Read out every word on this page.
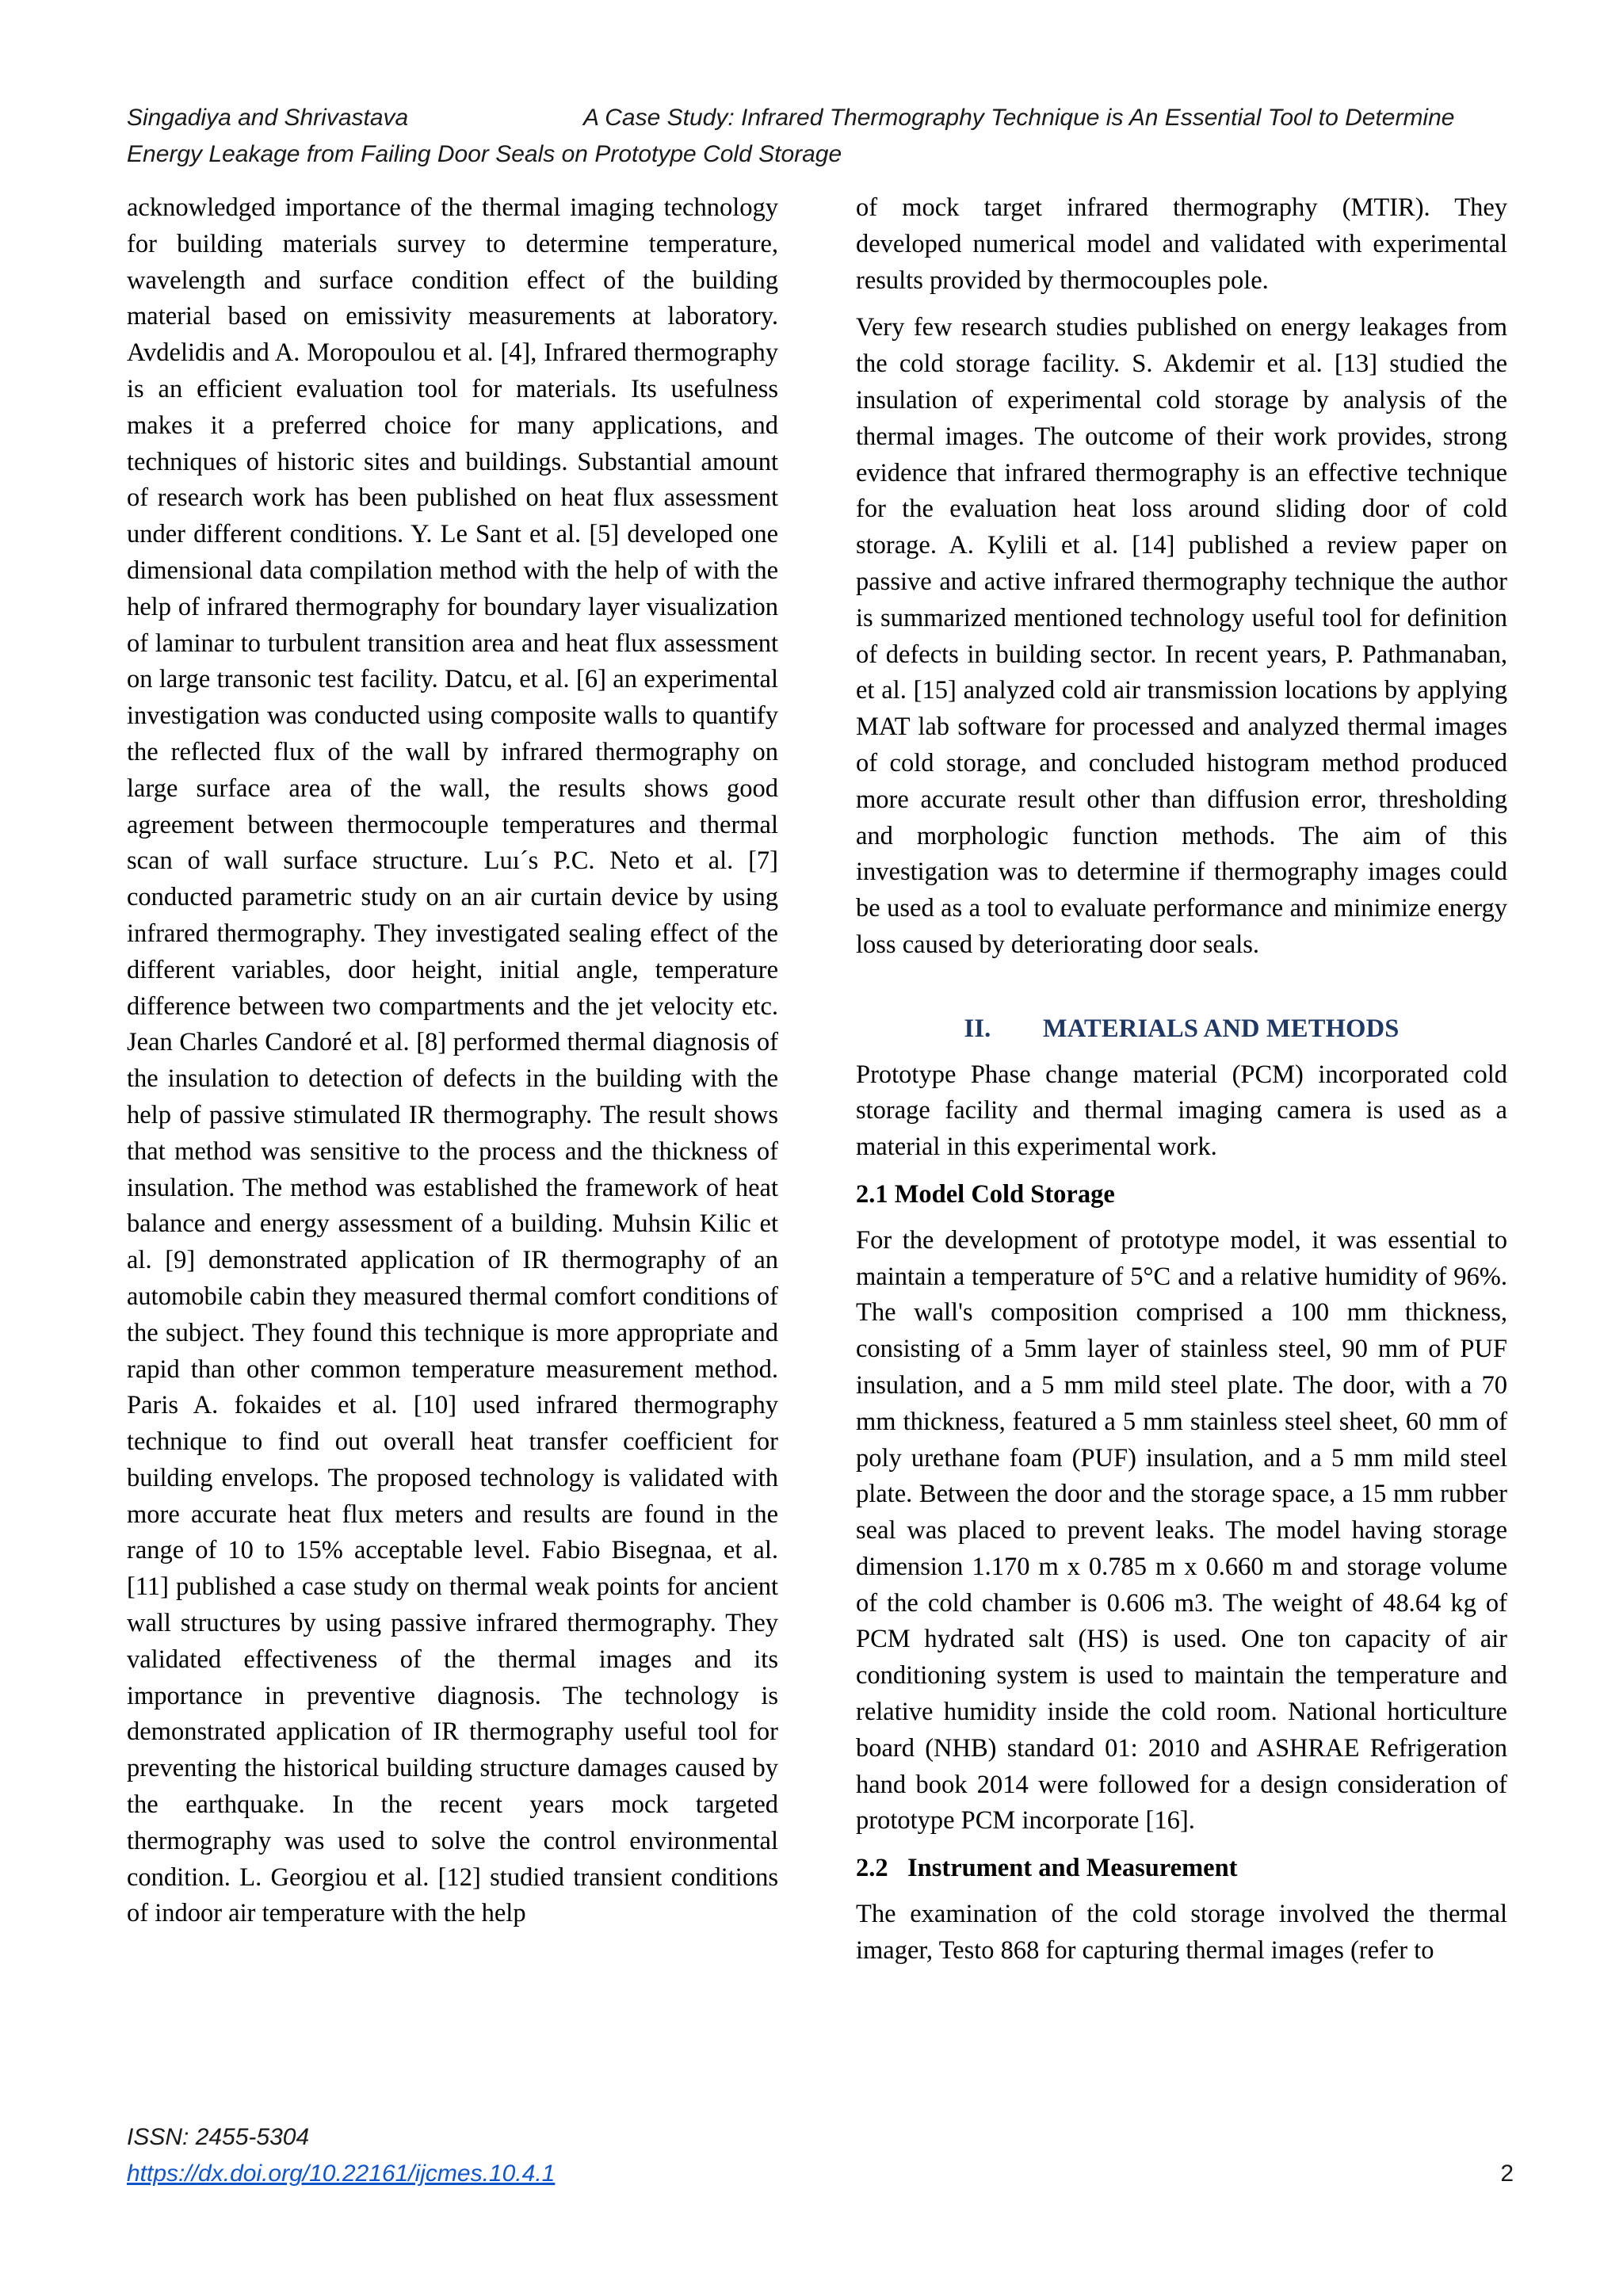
Singadiya and Shrivastava	A Case Study: Infrared Thermography Technique is An Essential Tool to Determine
Energy Leakage from Failing Door Seals on Prototype Cold Storage

acknowledged importance of the thermal imaging technology for building materials survey to determine temperature, wavelength and surface condition effect of the building material based on emissivity measurements at laboratory. Avdelidis and A. Moropoulou et al. [4], Infrared thermography is an efficient evaluation tool for materials. Its usefulness makes it a preferred choice for many applications, and techniques of historic sites and buildings. Substantial amount of research work has been published on heat flux assessment under different conditions. Y. Le Sant et al. [5] developed one dimensional data compilation method with the help of with the help of infrared thermography for boundary layer visualization of laminar to turbulent transition area and heat flux assessment on large transonic test facility. Datcu, et al. [6] an experimental investigation was conducted using composite walls to quantify the reflected flux of the wall by infrared thermography on large surface area of the wall, the results shows good agreement between thermocouple temperatures and thermal scan of wall surface structure. Luı´s P.C. Neto et al. [7] conducted parametric study on an air curtain device by using infrared thermography. They investigated sealing effect of the different variables, door height, initial angle, temperature difference between two compartments and the jet velocity etc. Jean Charles Candoré et al. [8] performed thermal diagnosis of the insulation to detection of defects in the building with the help of passive stimulated IR thermography. The result shows that method was sensitive to the process and the thickness of insulation. The method was established the framework of heat balance and energy assessment of a building. Muhsin Kilic et al. [9] demonstrated application of IR thermography of an automobile cabin they measured thermal comfort conditions of the subject. They found this technique is more appropriate and rapid than other common temperature measurement method. Paris A. fokaides et al. [10] used infrared thermography technique to find out overall heat transfer coefficient for building envelops. The proposed technology is validated with more accurate heat flux meters and results are found in the range of 10 to 15% acceptable level. Fabio Bisegnaa, et al. [11] published a case study on thermal weak points for ancient wall structures by using passive infrared thermography. They validated effectiveness of the thermal images and its importance in preventive diagnosis. The technology is demonstrated application of IR thermography useful tool for preventing the historical building structure damages caused by the earthquake. In the recent years mock targeted thermography was used to solve the control environmental condition. L. Georgiou et al. [12] studied transient conditions of indoor air temperature with the help

of mock target infrared thermography (MTIR). They developed numerical model and validated with experimental results provided by thermocouples pole.

Very few research studies published on energy leakages from the cold storage facility. S. Akdemir et al. [13] studied the insulation of experimental cold storage by analysis of the thermal images. The outcome of their work provides, strong evidence that infrared thermography is an effective technique for the evaluation heat loss around sliding door of cold storage. A. Kylili et al. [14] published a review paper on passive and active infrared thermography technique the author is summarized mentioned technology useful tool for definition of defects in building sector. In recent years, P. Pathmanaban, et al. [15] analyzed cold air transmission locations by applying MAT lab software for processed and analyzed thermal images of cold storage, and concluded histogram method produced more accurate result other than diffusion error, thresholding and morphologic function methods. The aim of this investigation was to determine if thermography images could be used as a tool to evaluate performance and minimize energy loss caused by deteriorating door seals.

II.  MATERIALS AND METHODS

Prototype Phase change material (PCM) incorporated cold storage facility and thermal imaging camera is used as a material in this experimental work.

2.1 Model Cold Storage

For the development of prototype model, it was essential to maintain a temperature of 5°C and a relative humidity of 96%. The wall's composition comprised a 100 mm thickness, consisting of a 5mm layer of stainless steel, 90 mm of PUF insulation, and a 5 mm mild steel plate. The door, with a 70 mm thickness, featured a 5 mm stainless steel sheet, 60 mm of poly urethane foam (PUF) insulation, and a 5 mm mild steel plate. Between the door and the storage space, a 15 mm rubber seal was placed to prevent leaks. The model having storage dimension 1.170 m x 0.785 m x 0.660 m and storage volume of the cold chamber is 0.606 m3. The weight of 48.64 kg of PCM hydrated salt (HS) is used. One ton capacity of air conditioning system is used to maintain the temperature and relative humidity inside the cold room. National horticulture board (NHB) standard 01: 2010 and ASHRAE Refrigeration hand book 2014 were followed for a design consideration of prototype PCM incorporate [16].

2.2  Instrument and Measurement

The examination of the cold storage involved the thermal imager, Testo 868 for capturing thermal images (refer to

ISSN: 2455-5304
https://dx.doi.org/10.22161/ijcmes.10.4.1	2
